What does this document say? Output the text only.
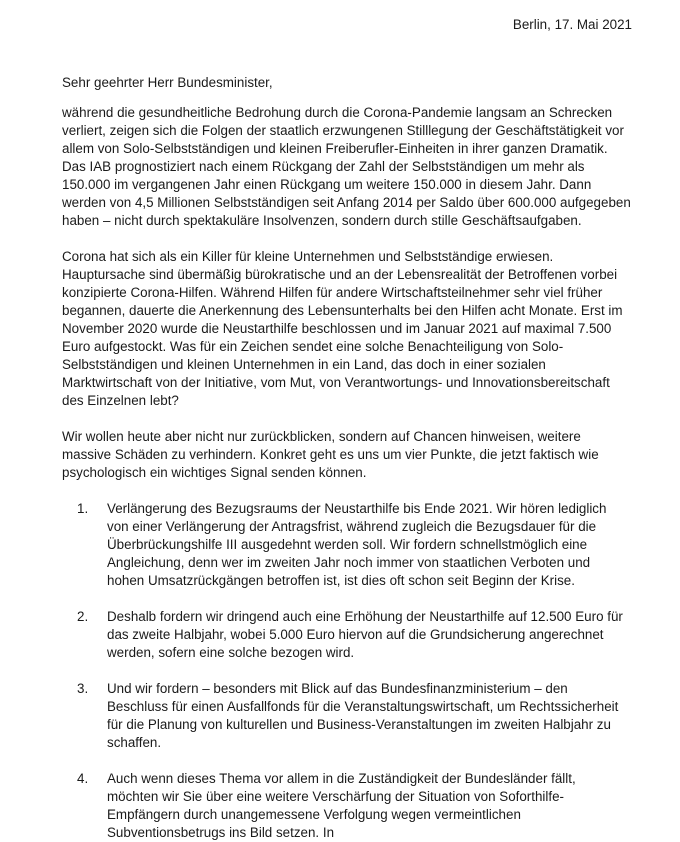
Berlin, 17. Mai 2021
Sehr geehrter Herr Bundesminister,

während die gesundheitliche Bedrohung durch die Corona-Pandemie langsam an Schrecken verliert, zeigen sich die Folgen der staatlich erzwungenen Stilllegung der Geschäftstätigkeit vor allem von Solo-Selbstständigen und kleinen Freiberufler-Einheiten in ihrer ganzen Dramatik. Das IAB prognostiziert nach einem Rückgang der Zahl der Selbstständigen um mehr als 150.000 im vergangenen Jahr einen Rückgang um weitere 150.000 in diesem Jahr. Dann werden von 4,5 Millionen Selbstständigen seit Anfang 2014 per Saldo über 600.000 aufgegeben haben – nicht durch spektakuläre Insolvenzen, sondern durch stille Geschäftsaufgaben.

Corona hat sich als ein Killer für kleine Unternehmen und Selbstständige erwiesen. Hauptursache sind übermäßig bürokratische und an der Lebensrealität der Betroffenen vorbei konzipierte Corona-Hilfen. Während Hilfen für andere Wirtschaftsteilnehmer sehr viel früher begannen, dauerte die Anerkennung des Lebensunterhalts bei den Hilfen acht Monate. Erst im November 2020 wurde die Neustarthilfe beschlossen und im Januar 2021 auf maximal 7.500 Euro aufgestockt. Was für ein Zeichen sendet eine solche Benachteiligung von Solo-Selbstständigen und kleinen Unternehmen in ein Land, das doch in einer sozialen Marktwirtschaft von der Initiative, vom Mut, von Verantwortungs- und Innovationsbereitschaft des Einzelnen lebt?

Wir wollen heute aber nicht nur zurückblicken, sondern auf Chancen hinweisen, weitere massive Schäden zu verhindern. Konkret geht es uns um vier Punkte, die jetzt faktisch wie psychologisch ein wichtiges Signal senden können.

1.	Verlängerung des Bezugsraums der Neustarthilfe bis Ende 2021. Wir hören lediglich von einer Verlängerung der Antragsfrist, während zugleich die Bezugsdauer für die Überbrückungshilfe III ausgedehnt werden soll. Wir fordern schnellstmöglich eine Angleichung, denn wer im zweiten Jahr noch immer von staatlichen Verboten und hohen Umsatzrückgängen betroffen ist, ist dies oft schon seit Beginn der Krise.
2.	Deshalb fordern wir dringend auch eine Erhöhung der Neustarthilfe auf 12.500 Euro für das zweite Halbjahr, wobei 5.000 Euro hiervon auf die Grundsicherung angerechnet werden, sofern eine solche bezogen wird.
3.	Und wir fordern – besonders mit Blick auf das Bundesfinanzministerium – den Beschluss für einen Ausfallfonds für die Veranstaltungswirtschaft, um Rechtssicherheit für die Planung von kulturellen und Business-Veranstaltungen im zweiten Halbjahr zu schaffen.
4.	Auch wenn dieses Thema vor allem in die Zuständigkeit der Bundesländer fällt, möchten wir Sie über eine weitere Verschärfung der Situation von Soforthilfe-Empfängern durch unangemessene Verfolgung wegen vermeintlichen Subventionsbetrugs ins Bild setzen. In
